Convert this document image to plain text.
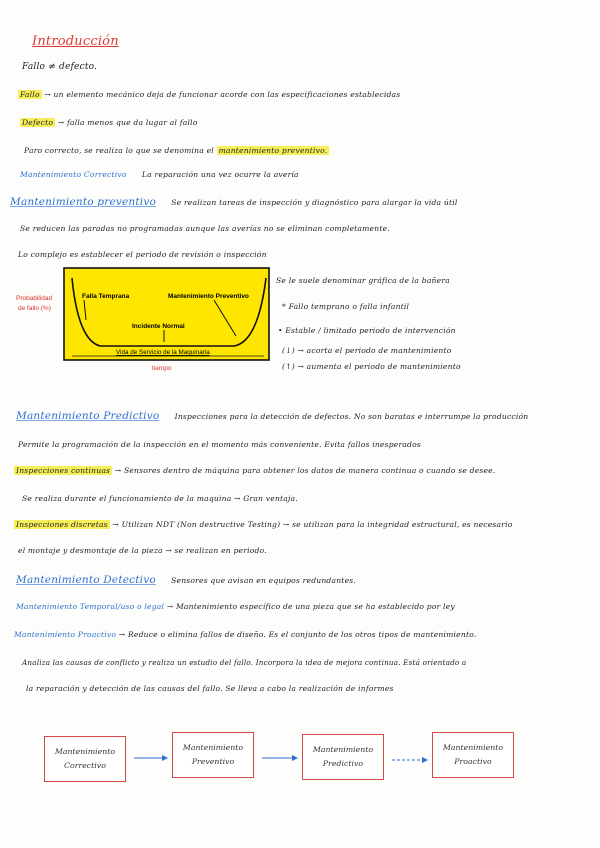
Introducción
Fallo ≠ defecto.
Fallo → un elemento mecánico deja de funcionar acorde con las especificaciones establecidas
Defecto → falla menos que da lugar al fallo
Paro correcto, se realiza lo que se denomina el mantenimiento preventivo.
Mantenimiento Correctivo La reparación una vez ocurre la avería
Mantenimiento preventivo Se realizan tareas de inspección y diagnóstico para alargar la vida útil
Se reducen las paradas no programadas aunque las averías no se eliminan completamente.
Lo complejo es establecer el periodo de revisión o inspección
Falla Temprana
Incidente Normal
Mantenimiento Preventivo
Vida de Servicio de la Maquinaria
Probabilidad
de fallo (%)
tiempo
Se le suele denominar gráfica de la bañera
* Fallo temprano o falla infantil
• Estable / limitado periodo de intervención
(↓) → acorta el periodo de mantenimiento
(↑) → aumenta el periodo de mantenimiento
Mantenimiento Predictivo Inspecciones para la detección de defectos. No son baratas e interrumpe la producción
Permite la programación de la inspección en el momento más conveniente. Evita fallos inesperados
Inspecciones continuas → Sensores dentro de máquina para obtener los datos de manera continua o cuando se desee.
Se realiza durante el funcionamiento de la maquina → Gran ventaja.
Inspecciones discretas → Utilizan NDT (Non destructive Testing) → se utilizan para la integridad estructural, es necesario
el montaje y desmontaje de la pieza → se realizan en periodo.
Mantenimiento Detectivo Sensores que avisan en equipos redundantes.
Mantenimiento Temporal/uso o legal → Mantenimiento específico de una pieza que se ha establecido por ley
Mantenimiento Proactivo → Reduce o elimina fallos de diseño. Es el conjunto de los otros tipos de mantenimiento.
Analiza las causas de conflicto y realiza un estudio del fallo. Incorpora la idea de mejora continua. Está orientado a
la reparación y detección de las causas del fallo. Se lleva a cabo la realización de informes
Mantenimiento
Correctivo
Mantenimiento
Preventivo
Mantenimiento
Predictivo
Mantenimiento
Proactivo
